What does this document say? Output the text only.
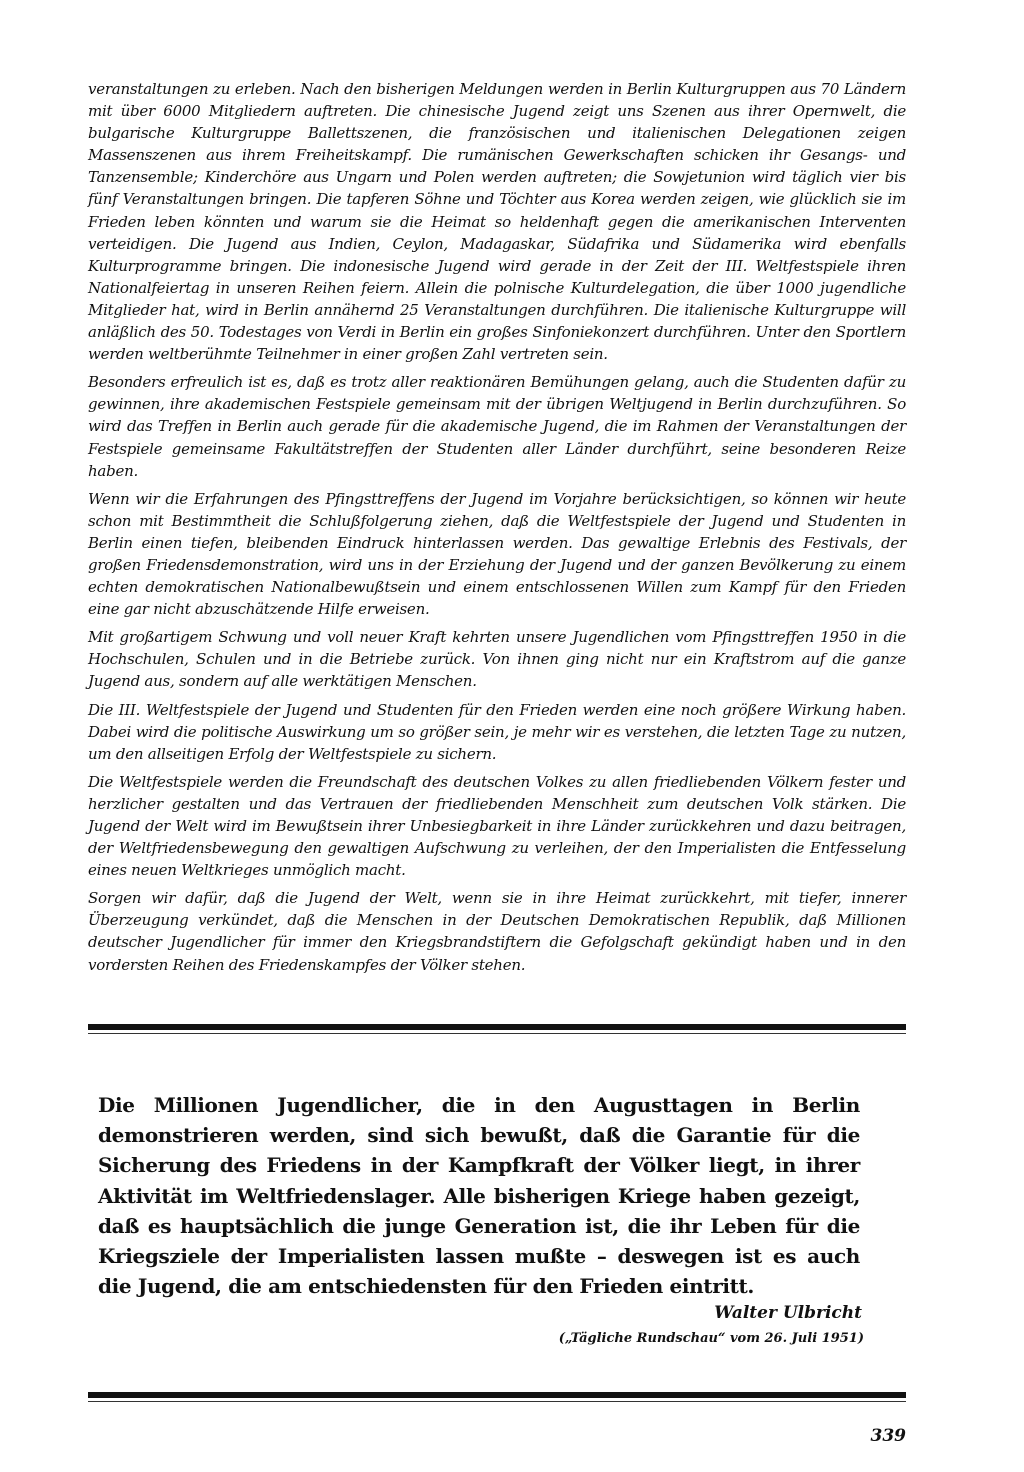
veranstaltungen zu erleben. Nach den bisherigen Meldungen werden in Berlin Kulturgruppen aus 70 Ländern mit über 6000 Mitgliedern auftreten. Die chinesische Jugend zeigt uns Szenen aus ihrer Opernwelt, die bulgarische Kulturgruppe Ballettszenen, die französischen und italienischen Delegationen zeigen Massenszenen aus ihrem Freiheitskampf. Die rumänischen Gewerkschaften schicken ihr Gesangs- und Tanzensemble; Kinderchöre aus Ungarn und Polen werden auftreten; die Sowjetunion wird täglich vier bis fünf Veranstaltungen bringen. Die tapferen Söhne und Töchter aus Korea werden zeigen, wie glücklich sie im Frieden leben könnten und warum sie die Heimat so heldenhaft gegen die amerikanischen Interventen verteidigen. Die Jugend aus Indien, Ceylon, Madagaskar, Südafrika und Südamerika wird ebenfalls Kulturprogramme bringen. Die indonesische Jugend wird gerade in der Zeit der III. Weltfestspiele ihren Nationalfeiertag in unseren Reihen feiern. Allein die polnische Kulturdelegation, die über 1000 jugendliche Mitglieder hat, wird in Berlin annähernd 25 Veranstaltungen durchführen. Die italienische Kulturgruppe will anläßlich des 50. Todestages von Verdi in Berlin ein großes Sinfoniekonzert durchführen. Unter den Sportlern werden weltberühmte Teilnehmer in einer großen Zahl vertreten sein.

Besonders erfreulich ist es, daß es trotz aller reaktionären Bemühungen gelang, auch die Studenten dafür zu gewinnen, ihre akademischen Festspiele gemeinsam mit der übrigen Weltjugend in Berlin durchzuführen. So wird das Treffen in Berlin auch gerade für die akademische Jugend, die im Rahmen der Veranstaltungen der Festspiele gemeinsame Fakultätstreffen der Studenten aller Länder durchführt, seine besonderen Reize haben.

Wenn wir die Erfahrungen des Pfingsttreffens der Jugend im Vorjahre berücksichtigen, so können wir heute schon mit Bestimmtheit die Schlußfolgerung ziehen, daß die Weltfestspiele der Jugend und Studenten in Berlin einen tiefen, bleibenden Eindruck hinterlassen werden. Das gewaltige Erlebnis des Festivals, der großen Friedensdemonstration, wird uns in der Erziehung der Jugend und der ganzen Bevölkerung zu einem echten demokratischen Nationalbewußtsein und einem entschlossenen Willen zum Kampf für den Frieden eine gar nicht abzuschätzende Hilfe erweisen.

Mit großartigem Schwung und voll neuer Kraft kehrten unsere Jugendlichen vom Pfingsttreffen 1950 in die Hochschulen, Schulen und in die Betriebe zurück. Von ihnen ging nicht nur ein Kraftstrom auf die ganze Jugend aus, sondern auf alle werktätigen Menschen.

Die III. Weltfestspiele der Jugend und Studenten für den Frieden werden eine noch größere Wirkung haben. Dabei wird die politische Auswirkung um so größer sein, je mehr wir es verstehen, die letzten Tage zu nutzen, um den allseitigen Erfolg der Weltfestspiele zu sichern.

Die Weltfestspiele werden die Freundschaft des deutschen Volkes zu allen friedliebenden Völkern fester und herzlicher gestalten und das Vertrauen der friedliebenden Menschheit zum deutschen Volk stärken. Die Jugend der Welt wird im Bewußtsein ihrer Unbesiegbarkeit in ihre Länder zurückkehren und dazu beitragen, der Weltfriedensbewegung den gewaltigen Aufschwung zu verleihen, der den Imperialisten die Entfesselung eines neuen Weltkrieges unmöglich macht.

Sorgen wir dafür, daß die Jugend der Welt, wenn sie in ihre Heimat zurückkehrt, mit tiefer, innerer Überzeugung verkündet, daß die Menschen in der Deutschen Demokratischen Republik, daß Millionen deutscher Jugendlicher für immer den Kriegsbrandstiftern die Gefolgschaft gekündigt haben und in den vordersten Reihen des Friedenskampfes der Völker stehen.

Die Millionen Jugendlicher, die in den Augusttagen in Berlin demonstrieren werden, sind sich bewußt, daß die Garantie für die Sicherung des Friedens in der Kampfkraft der Völker liegt, in ihrer Aktivität im Weltfriedenslager. Alle bisherigen Kriege haben gezeigt, daß es hauptsächlich die junge Generation ist, die ihr Leben für die Kriegsziele der Imperialisten lassen mußte – deswegen ist es auch die Jugend, die am entschiedensten für den Frieden eintritt.
Walter Ulbricht
(„Tägliche Rundschau“ vom 26. Juli 1951)
339
